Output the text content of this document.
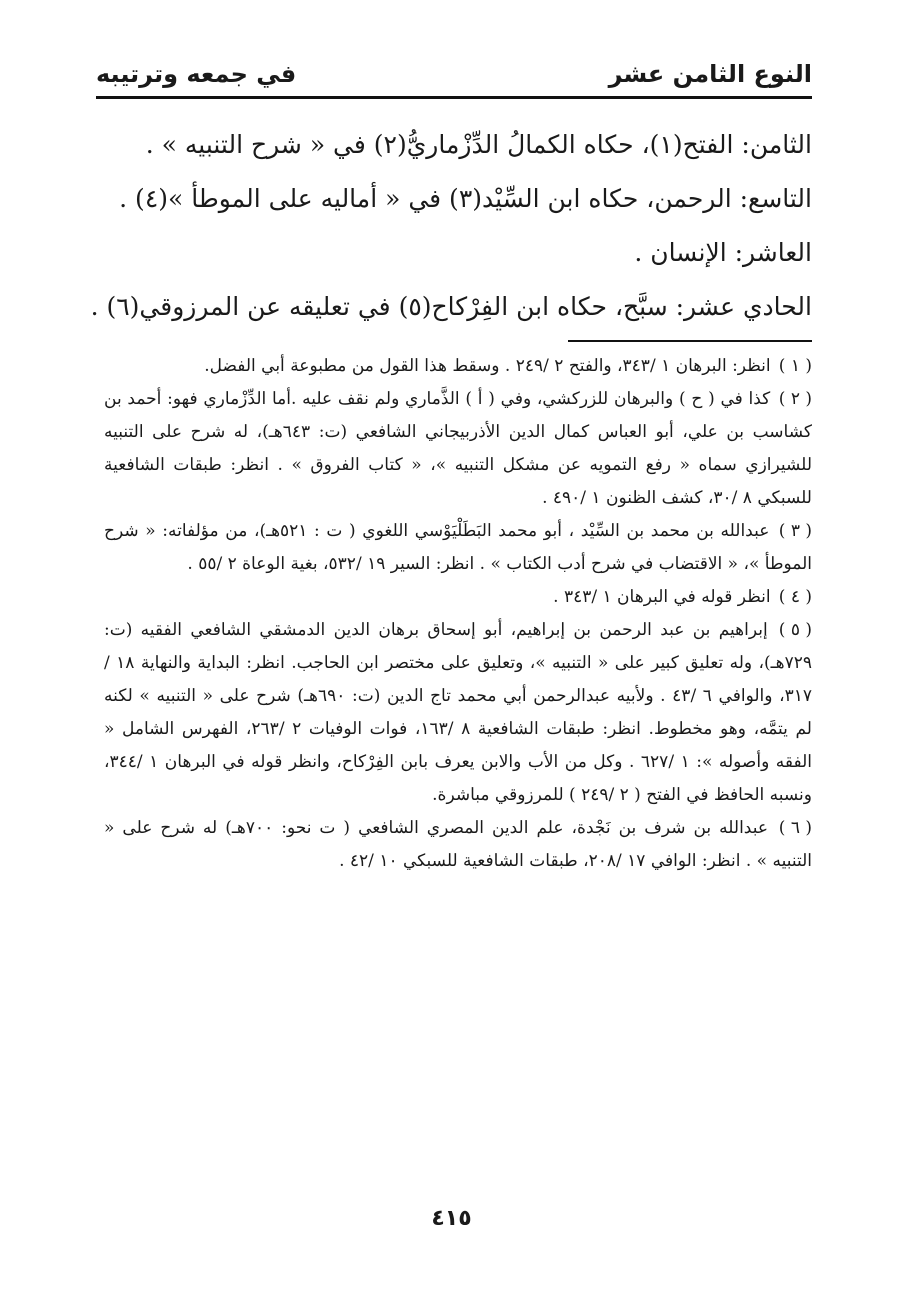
النوع الثامن عشر
في جمعه وترتيبه

الثامن: الفتح(١)، حكاه الكمالُ الدِّزْماريُّ(٢) في « شرح التنبيه » .

التاسع: الرحمن، حكاه ابن السِّيْد(٣) في « أماليه على الموطأ »(٤) .

العاشر: الإنسان .

الحادي عشر: سبَّح، حكاه ابن الفِرْكاح(٥) في تعليقه عن المرزوقي(٦) .

( ١ ) انظر: البرهان ١ /٣٤٣، والفتح ٢ /٢٤٩ . وسقط هذا القول من مطبوعة أبي الفضل.

( ٢ ) كذا في ( ح ) والبرهان للزركشي، وفي ( أ ) الذَّماري ولم نقف عليه .أما الدِّزْماري فهو: أحمد بن كشاسب بن علي، أبو العباس كمال الدين الأذربيجاني الشافعي (ت: ٦٤٣هـ)، له شرح على التنبيه للشيرازي سماه « رفع التمويه عن مشكل التنبيه »، « كتاب الفروق » . انظر: طبقات الشافعية للسبكي ٨ /٣٠، كشف الظنون ١ /٤٩٠ .

( ٣ ) عبدالله بن محمد بن السِّيْد ، أبو محمد البَطَلْيَوْسي اللغوي ( ت : ٥٢١هـ)، من مؤلفاته: « شرح الموطأ »، « الاقتضاب في شرح أدب الكتاب » . انظر: السير ١٩ /٥٣٢، بغية الوعاة ٢ /٥٥ .

( ٤ ) انظر قوله في البرهان ١ /٣٤٣ .

( ٥ ) إبراهيم بن عبد الرحمن بن إبراهيم، أبو إسحاق برهان الدين الدمشقي الشافعي الفقيه (ت: ٧٢٩هـ)، وله تعليق كبير على « التنبيه »، وتعليق على مختصر ابن الحاجب. انظر: البداية والنهاية ١٨ /٣١٧، والوافي ٦ /٤٣ . ولأبيه عبدالرحمن أبي محمد تاج الدين (ت: ٦٩٠هـ) شرح على « التنبيه » لكنه لم يتمَّه، وهو مخطوط. انظر: طبقات الشافعية ٨ /١٦٣، فوات الوفيات ٢ /٢٦٣، الفهرس الشامل « الفقه وأصوله »: ١ /٦٢٧ . وكل من الأب والابن يعرف بابن الفِرْكاح، وانظر قوله في البرهان ١ /٣٤٤، ونسبه الحافظ في الفتح ( ٢ /٢٤٩ ) للمرزوقي مباشرة.

( ٦ ) عبدالله بن شرف بن نَجْدة، علم الدين المصري الشافعي ( ت نحو: ٧٠٠هـ) له شرح على « التنبيه » . انظر: الوافي ١٧ /٢٠٨، طبقات الشافعية للسبكي ١٠ /٤٢ .

٤١٥
